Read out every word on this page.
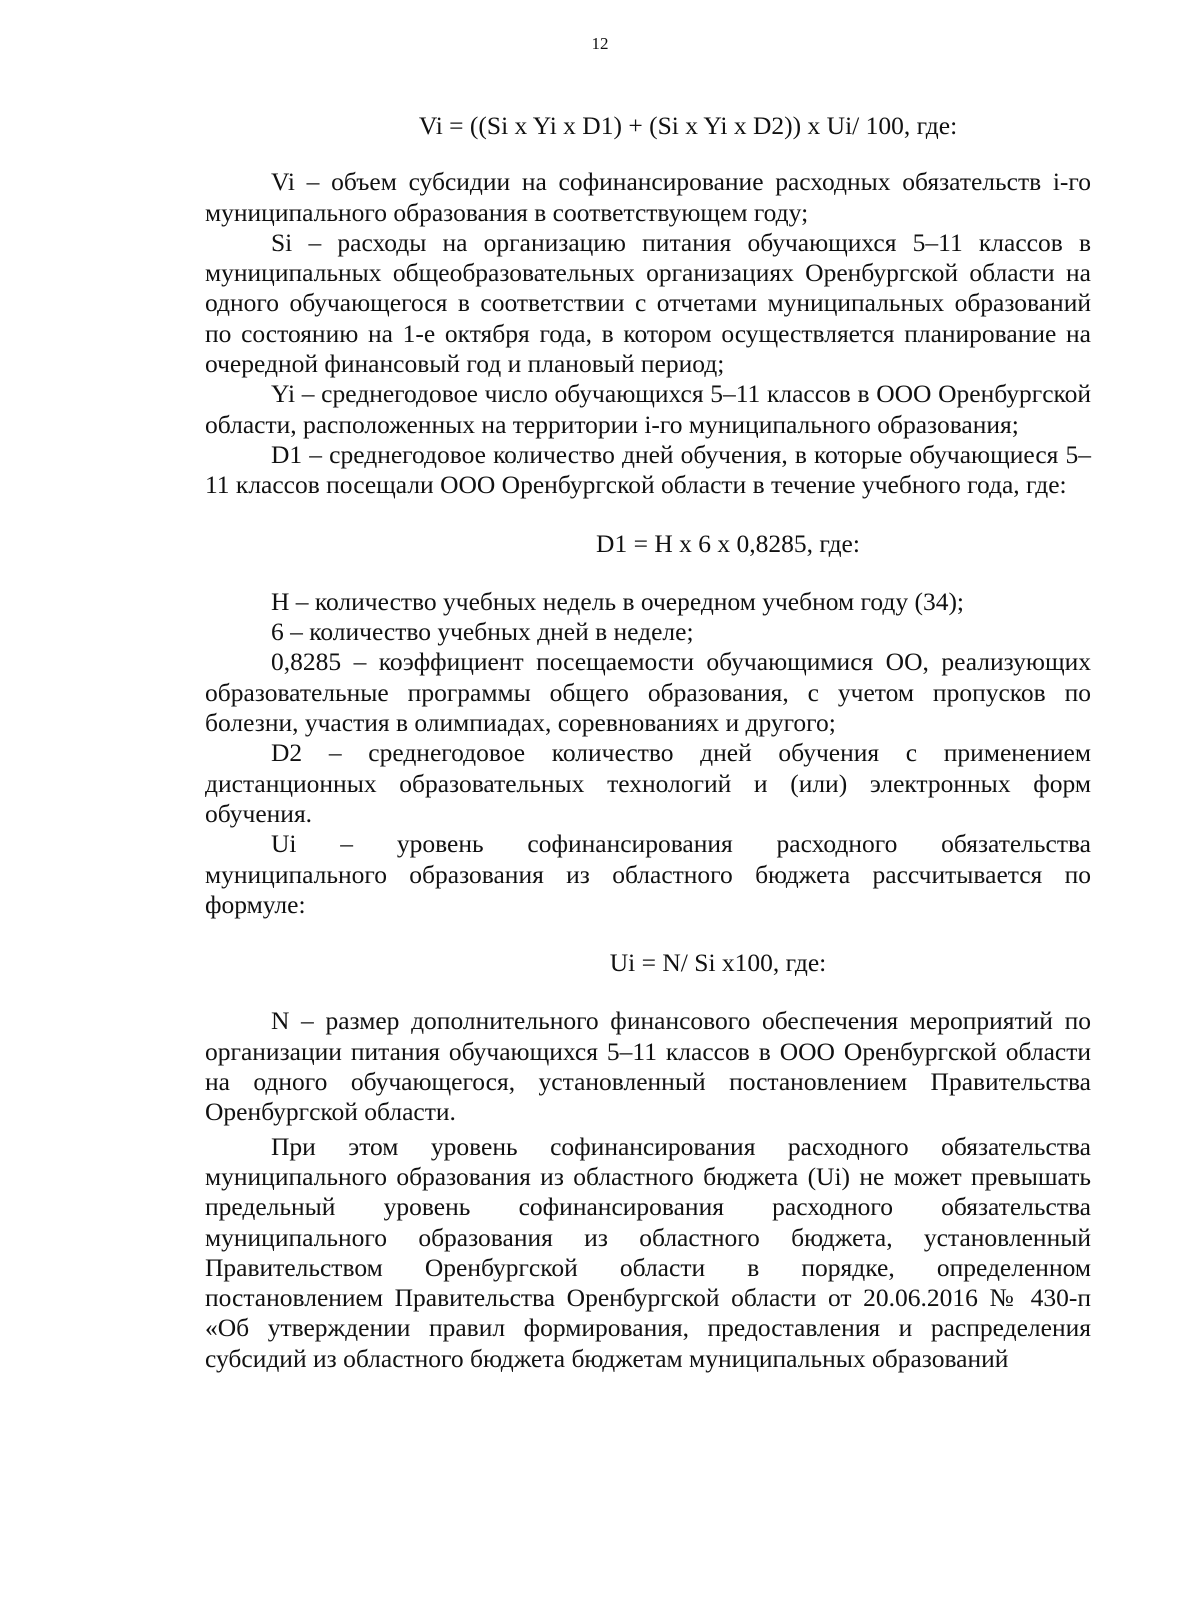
12

Vi = ((Si x Yi x D1) + (Si x Yi x D2)) x Ui/ 100, где:

Vi – объем субсидии на софинансирование расходных обязательств i-го муниципального образования в соответствующем году;

Si – расходы на организацию питания обучающихся 5–11 классов в муниципальных общеобразовательных организациях Оренбургской области на одного обучающегося в соответствии с отчетами муниципальных образований по состоянию на 1-е октября года, в котором осуществляется планирование на очередной финансовый год и плановый период;

Yi – среднегодовое число обучающихся 5–11 классов в ООО Оренбургской области, расположенных на территории i-го муниципального образования;

D1 – среднегодовое количество дней обучения, в которые обучающиеся 5–11 классов посещали ООО Оренбургской области в течение учебного года, где:

D1 = H x 6 x 0,8285, где:

H – количество учебных недель в очередном учебном году (34);

6 – количество учебных дней в неделе;

0,8285 – коэффициент посещаемости обучающимися ОО, реализующих образовательные программы общего образования, с учетом пропусков по болезни, участия в олимпиадах, соревнованиях и другого;

D2 – среднегодовое количество дней обучения с применением дистанционных образовательных технологий и (или) электронных форм обучения.

Ui – уровень софинансирования расходного обязательства муниципального образования из областного бюджета рассчитывается по формуле:

Ui = N/ Si x100, где:

N – размер дополнительного финансового обеспечения мероприятий по организации питания обучающихся 5–11 классов в ООО Оренбургской области на одного обучающегося, установленный постановлением Правительства Оренбургской области.

При этом уровень софинансирования расходного обязательства муниципального образования из областного бюджета (Ui) не может превышать предельный уровень софинансирования расходного обязательства муниципального образования из областного бюджета, установленный Правительством Оренбургской области в порядке, определенном постановлением Правительства Оренбургской области от 20.06.2016 № 430-п «Об утверждении правил формирования, предоставления и распределения субсидий из областного бюджета бюджетам муниципальных образований
